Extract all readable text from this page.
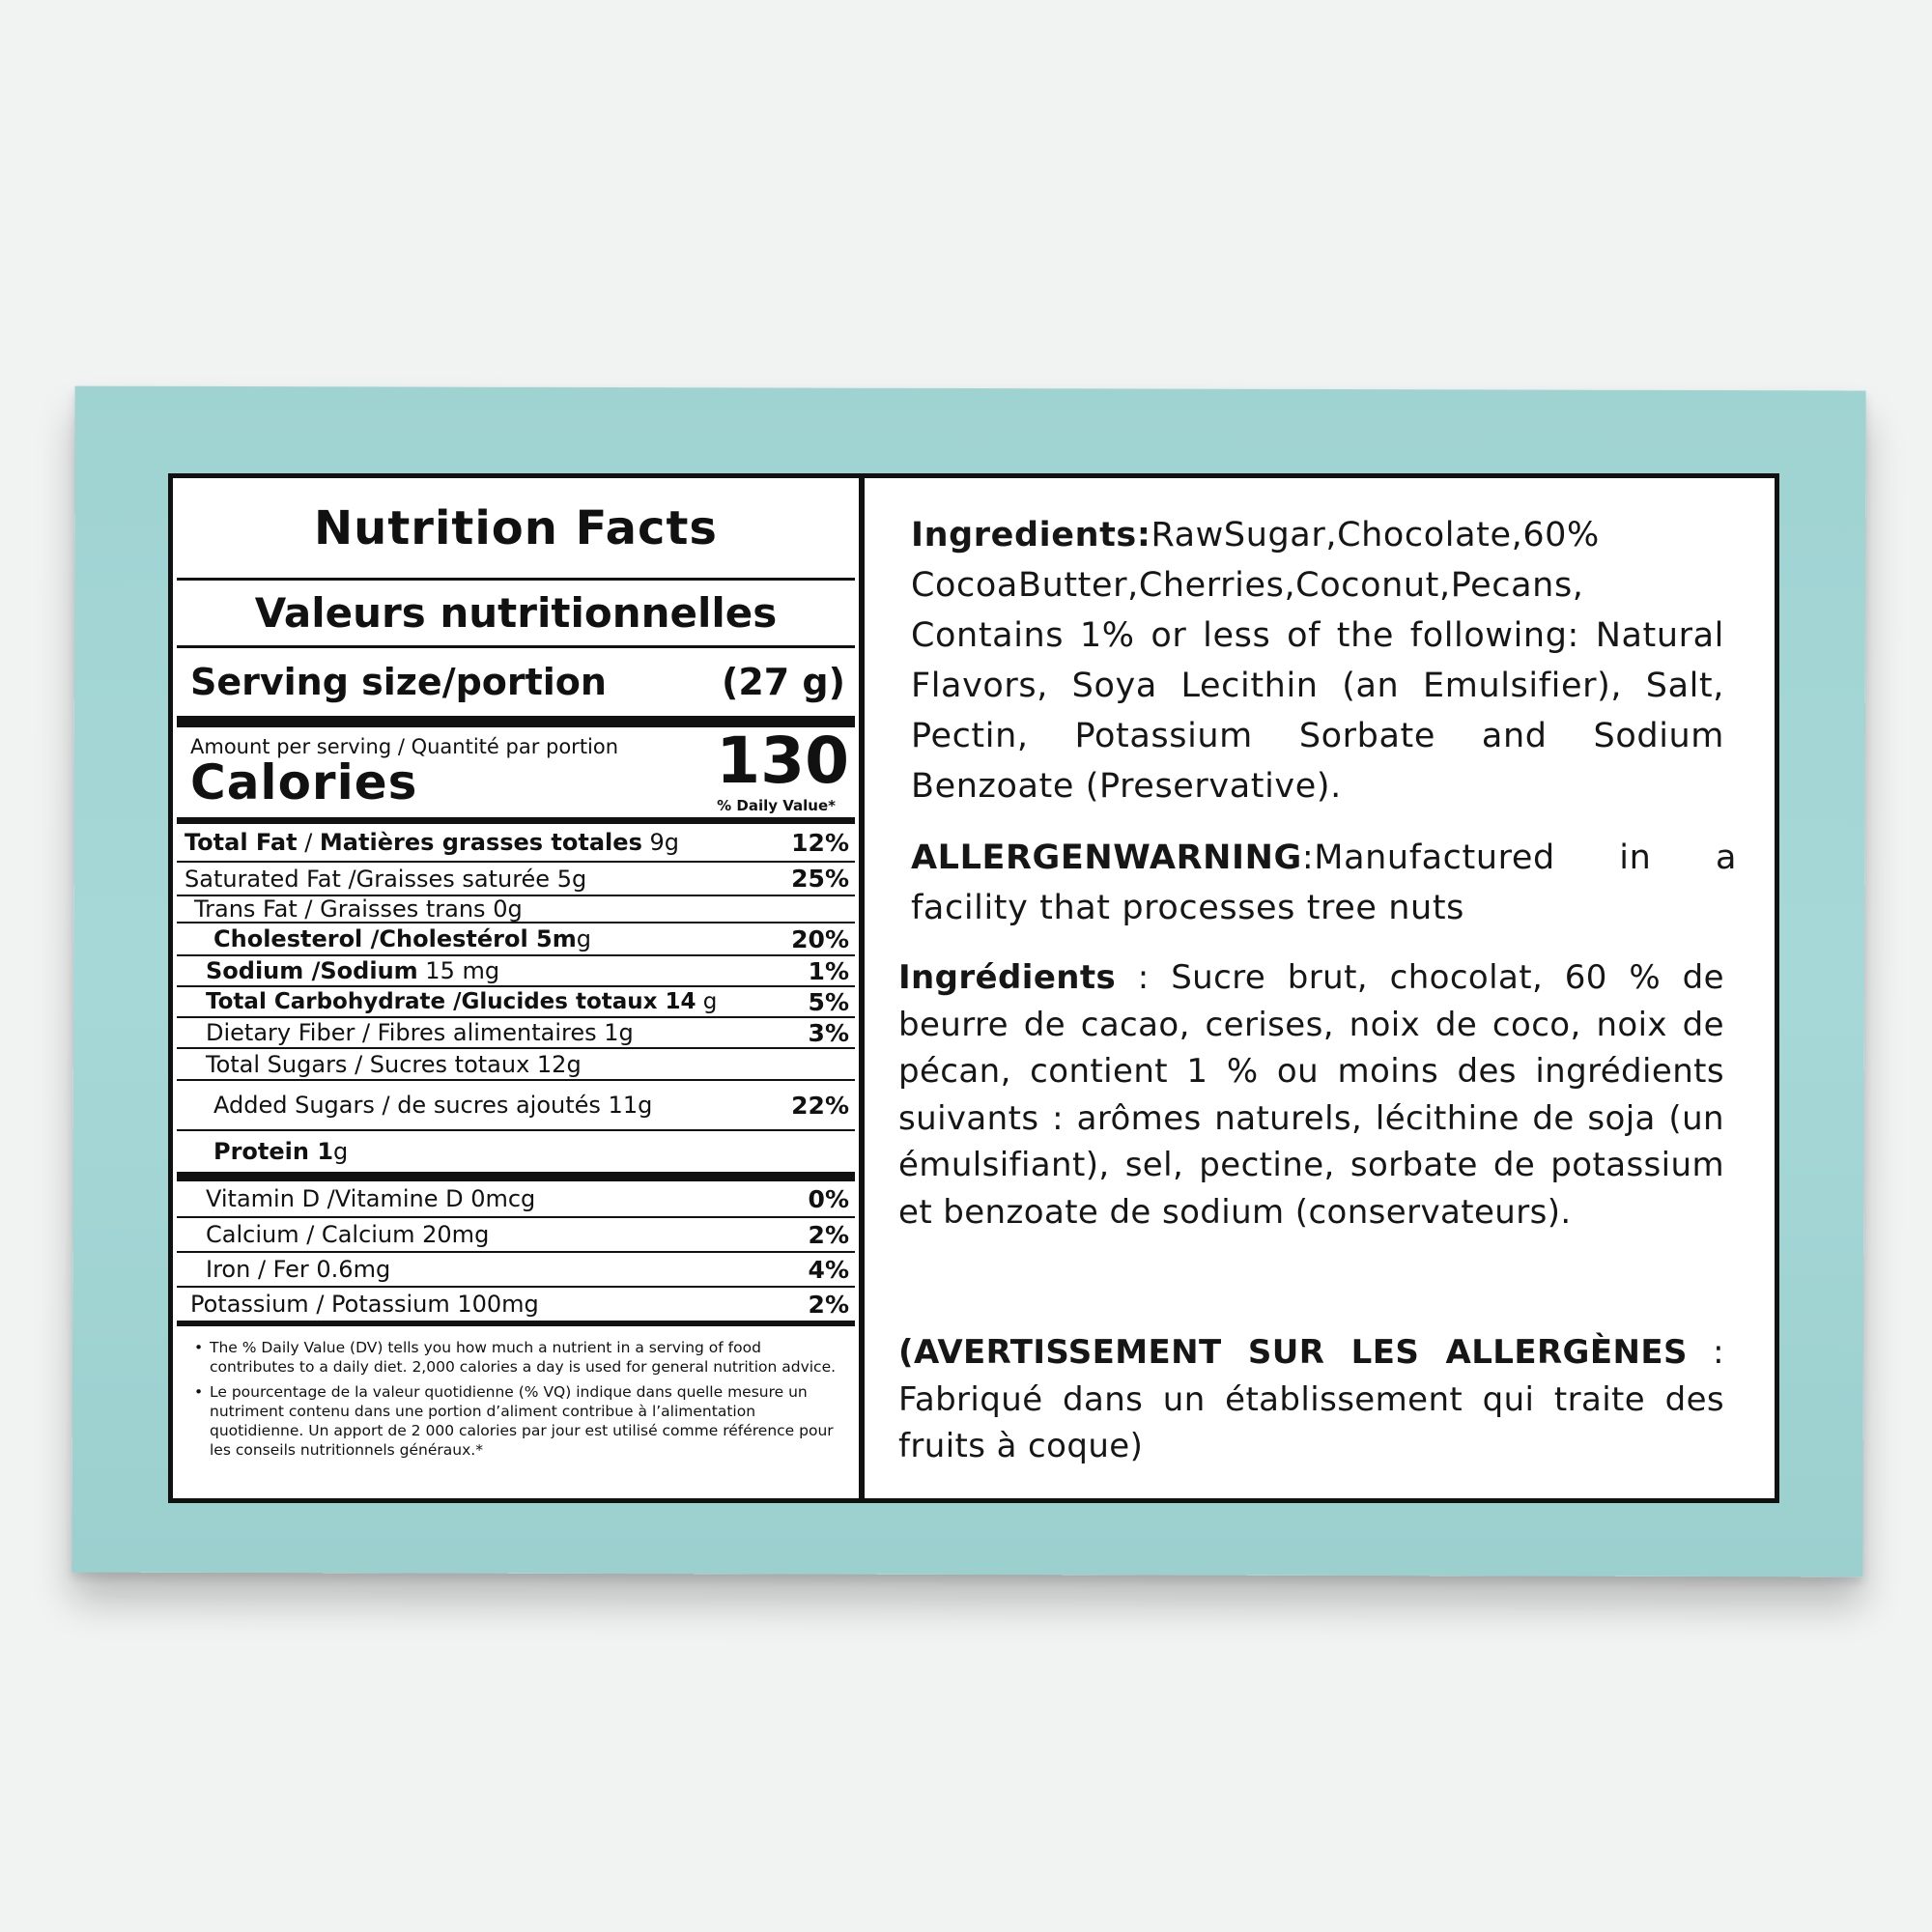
Nutrition Facts
Valeurs nutritionnelles
Serving size/portion	(27 g)
Amount per serving / Quantité par portion
Calories	130
% Daily Value*
Total Fat / Matières grasses totales 9g	12%
Saturated Fat /Graisses saturée 5g	25%
Trans Fat / Graisses trans 0g
Cholesterol /Cholestérol 5mg	20%
Sodium /Sodium 15 mg	1%
Total Carbohydrate /Glucides totaux 14 g	5%
Dietary Fiber / Fibres alimentaires 1g	3%
Total Sugars / Sucres totaux 12g
Added Sugars / de sucres ajoutés 11g	22%
Protein 1g
Vitamin D /Vitamine D 0mcg	0%
Calcium / Calcium 20mg	2%
Iron / Fer 0.6mg	4%
Potassium / Potassium 100mg	2%
• The % Daily Value (DV) tells you how much a nutrient in a serving of food contributes to a daily diet. 2,000 calories a day is used for general nutrition advice.
• Le pourcentage de la valeur quotidienne (% VQ) indique dans quelle mesure un nutriment contenu dans une portion d’aliment contribue à l’alimentation quotidienne. Un apport de 2 000 calories par jour est utilisé comme référence pour les conseils nutritionnels généraux.*

Ingredients:RawSugar,Chocolate,60% CocoaButter,Cherries,Coconut,Pecans, Contains 1% or less of the following: Natural Flavors, Soya Lecithin (an Emulsifier), Salt, Pectin, Potassium Sorbate and Sodium Benzoate (Preservative).
ALLERGENWARNING:Manufactured in a facility that processes tree nuts
Ingrédients : Sucre brut, chocolat, 60 % de beurre de cacao, cerises, noix de coco, noix de pécan, contient 1 % ou moins des ingrédients suivants : arômes naturels, lécithine de soja (un émulsifiant), sel, pectine, sorbate de potassium et benzoate de sodium (conservateurs).
(AVERTISSEMENT SUR LES ALLERGÈNES : Fabriqué dans un établissement qui traite des fruits à coque)
